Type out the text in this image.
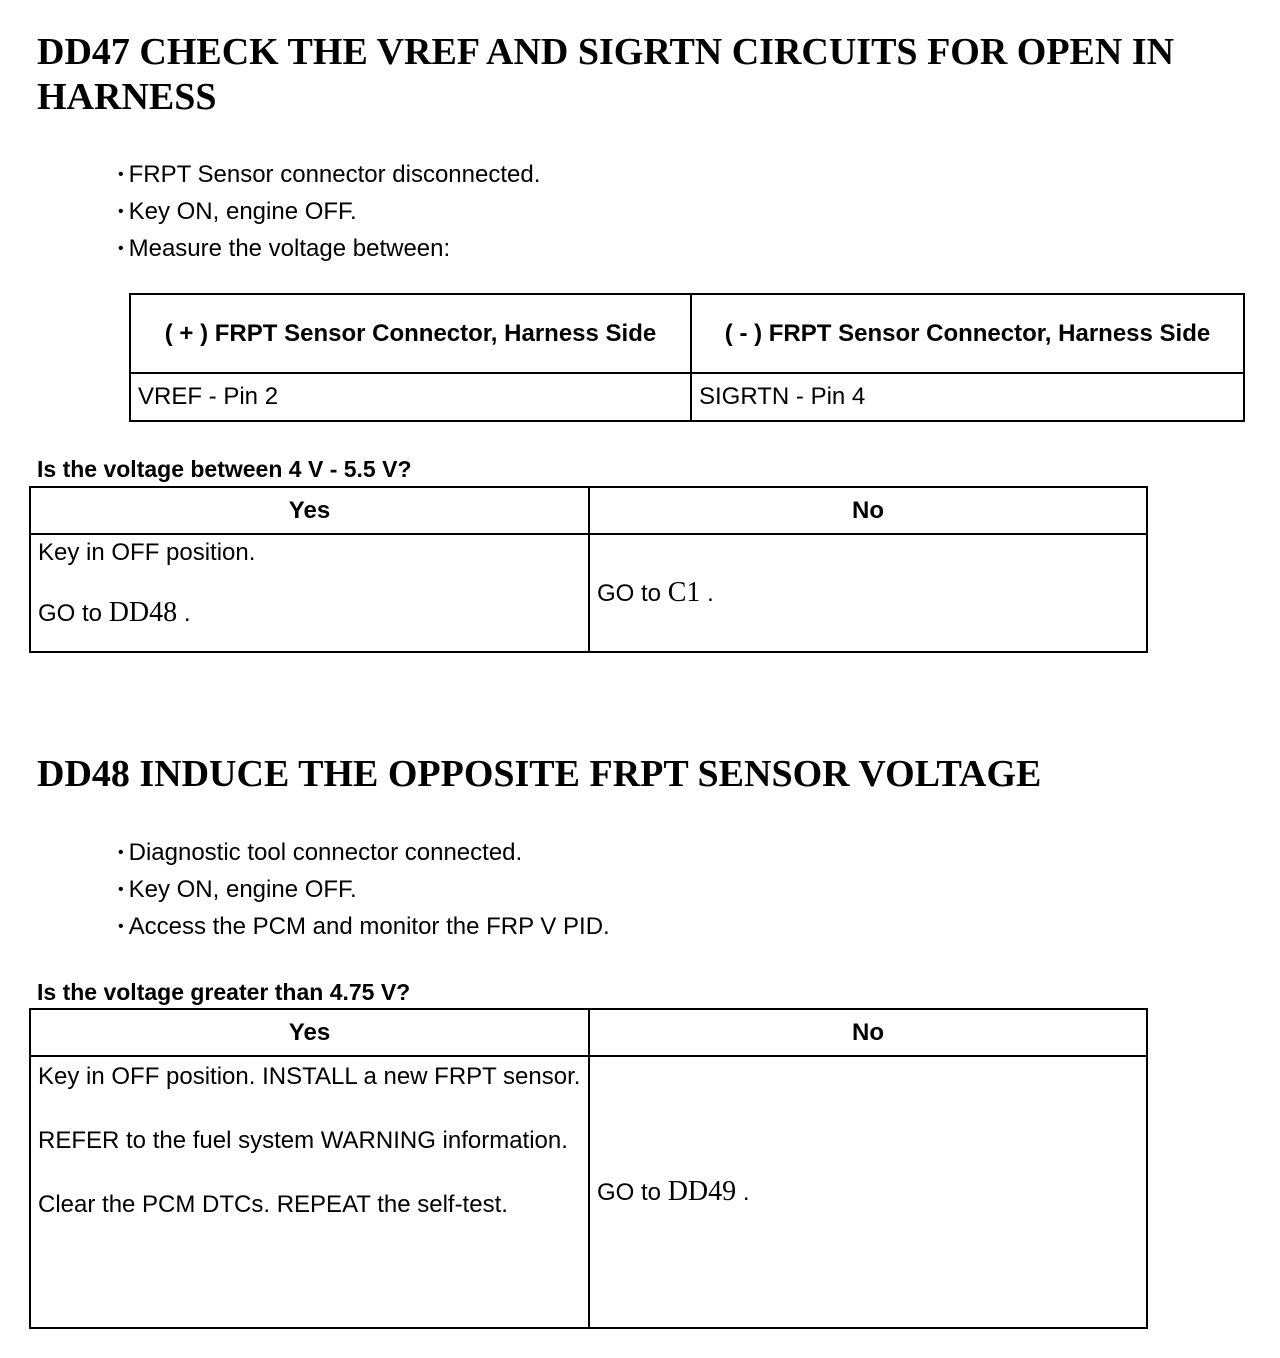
DD47 CHECK THE VREF AND SIGRTN CIRCUITS FOR OPEN IN HARNESS
• FRPT Sensor connector disconnected.
• Key ON, engine OFF.
• Measure the voltage between:
( + ) FRPT Sensor Connector, Harness Side	( - ) FRPT Sensor Connector, Harness Side
VREF - Pin 2	SIGRTN - Pin 4
Is the voltage between 4 V - 5.5 V?
Yes	No

Key in OFF position.

GO to DD48 .	GO to C1 .
DD48 INDUCE THE OPPOSITE FRPT SENSOR VOLTAGE
• Diagnostic tool connector connected.
• Key ON, engine OFF.
• Access the PCM and monitor the FRP V PID.
Is the voltage greater than 4.75 V?
Yes	No

Key in OFF position. INSTALL a new FRPT sensor.

REFER to the fuel system WARNING information.

Clear the PCM DTCs. REPEAT the self-test.	GO to DD49 .
